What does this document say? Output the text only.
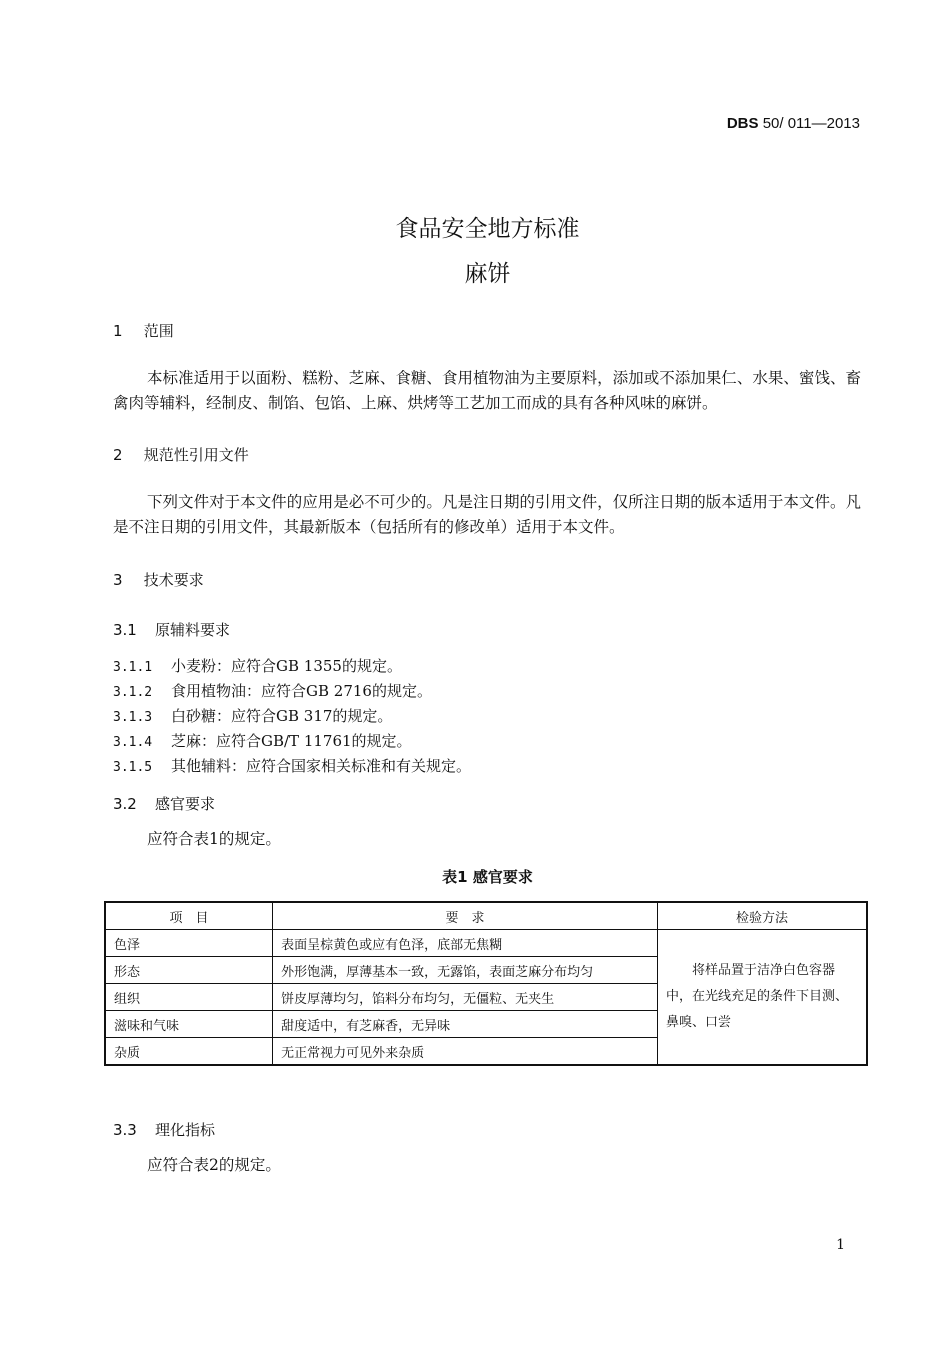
DBS 50/ 011—2013
食品安全地方标准
麻饼
1 范围
本标准适用于以面粉、糕粉、芝麻、食糖、食用植物油为主要原料，添加或不添加果仁、水果、蜜饯、畜禽肉等辅料，经制皮、制馅、包馅、上麻、烘烤等工艺加工而成的具有各种风味的麻饼。
2 规范性引用文件
下列文件对于本文件的应用是必不可少的。凡是注日期的引用文件，仅所注日期的版本适用于本文件。凡是不注日期的引用文件，其最新版本（包括所有的修改单）适用于本文件。
3 技术要求
3.1 原辅料要求
3.1.1 小麦粉：应符合GB 1355的规定。
3.1.2 食用植物油：应符合GB 2716的规定。
3.1.3 白砂糖：应符合GB 317的规定。
3.1.4 芝麻：应符合GB/T 11761的规定。
3.1.5 其他辅料：应符合国家相关标准和有关规定。
3.2 感官要求
应符合表1的规定。
表1 感官要求
项　目	要　求	检验方法
色泽	表面呈棕黄色或应有色泽，底部无焦糊	将样品置于洁净白色容器中，在光线充足的条件下目测、鼻嗅、口尝

形态	外形饱满，厚薄基本一致，无露馅，表面芝麻分布均匀	
组织	饼皮厚薄均匀，馅料分布均匀，无僵粒、无夹生	
滋味和气味	甜度适中，有芝麻香，无异味	
杂质	无正常视力可见外来杂质	
3.3 理化指标
应符合表2的规定。
1
